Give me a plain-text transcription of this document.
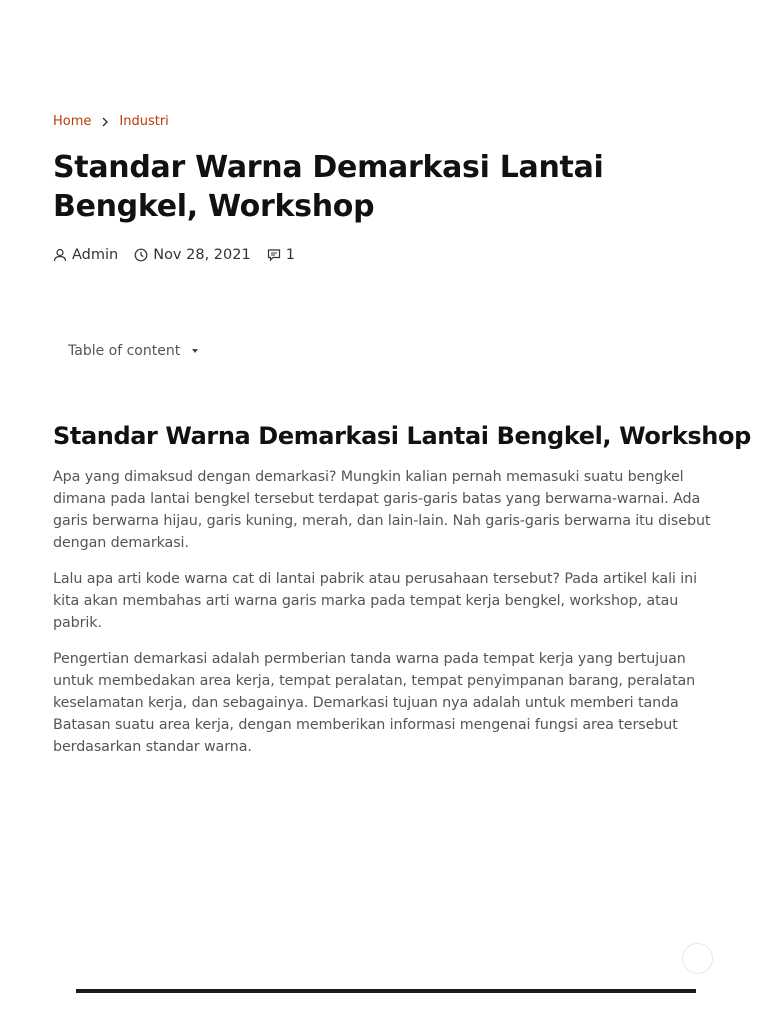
Home Industri
Standar Warna Demarkasi Lantai Bengkel, Workshop
Admin Nov 28, 2021 1
Table of content
Standar Warna Demarkasi Lantai Bengkel, Workshop

Apa yang dimaksud dengan demarkasi? Mungkin kalian pernah memasuki suatu bengkel dimana pada lantai bengkel tersebut terdapat garis-garis batas yang berwarna-warnai. Ada garis berwarna hijau, garis kuning, merah, dan lain-lain. Nah garis-garis berwarna itu disebut dengan demarkasi.

Lalu apa arti kode warna cat di lantai pabrik atau perusahaan tersebut? Pada artikel kali ini kita akan membahas arti warna garis marka pada tempat kerja bengkel, workshop, atau pabrik.

Pengertian demarkasi adalah permberian tanda warna pada tempat kerja yang bertujuan untuk membedakan area kerja, tempat peralatan, tempat penyimpanan barang, peralatan keselamatan kerja, dan sebagainya. Demarkasi tujuan nya adalah untuk memberi tanda Batasan suatu area kerja, dengan memberikan informasi mengenai fungsi area tersebut berdasarkan standar warna.
